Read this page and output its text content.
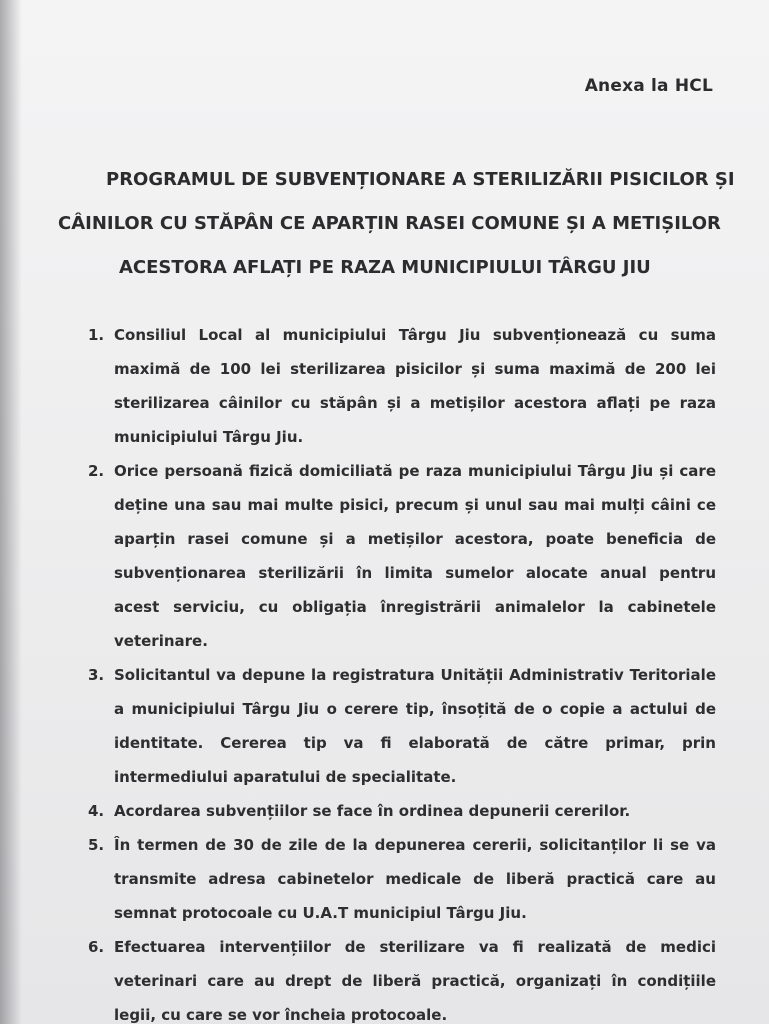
Anexa la HCL
PROGRAMUL DE SUBVENȚIONARE A STERILIZĂRII PISICILOR ȘI
CÂINILOR CU STĂPÂN CE APARȚIN RASEI COMUNE ȘI A METIȘILOR
ACESTORA AFLAȚI PE RAZA MUNICIPIULUI TÂRGU JIU
1. Consiliul Local al municipiului Târgu Jiu subvenționează cu suma maximă de 100 lei sterilizarea pisicilor și suma maximă de 200 lei sterilizarea câinilor cu stăpân și a metișilor acestora aflați pe raza municipiului Târgu Jiu.
2. Orice persoană fizică domiciliată pe raza municipiului Târgu Jiu și care deține una sau mai multe pisici, precum și unul sau mai mulți câini ce aparțin rasei comune și a metișilor acestora, poate beneficia de subvenționarea sterilizării în limita sumelor alocate anual pentru acest serviciu, cu obligația înregistrării animalelor la cabinetele veterinare.
3. Solicitantul va depune la registratura Unității Administrativ Teritoriale a municipiului Târgu Jiu o cerere tip, însoțită de o copie a actului de identitate. Cererea tip va fi elaborată de către primar, prin intermediului aparatului de specialitate.
4. Acordarea subvențiilor se face în ordinea depunerii cererilor.
5. În termen de 30 de zile de la depunerea cererii, solicitanților li se va transmite adresa cabinetelor medicale de liberă practică care au semnat protocoale cu U.A.T municipiul Târgu Jiu.
6. Efectuarea intervențiilor de sterilizare va fi realizată de medici veterinari care au drept de liberă practică, organizați în condițiile legii, cu care se vor încheia protocoale.
